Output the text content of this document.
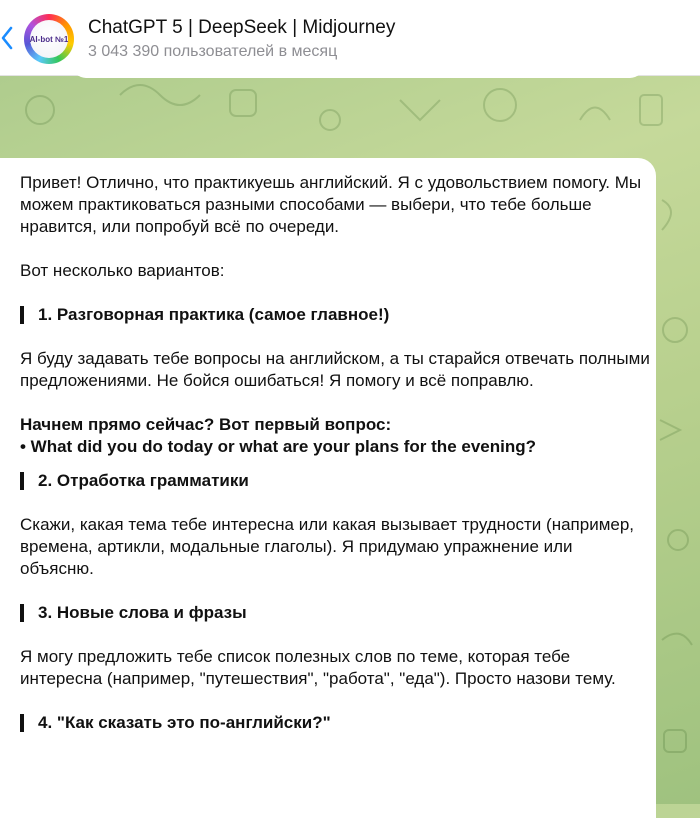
AI-bot №1
ChatGPT 5 | DeepSeek | Midjourney
3 043 390 пользователей в месяц

Привет! Отлично, что практикуешь английский. Я с удовольствием помогу. Мы можем практиковаться разными способами — выбери, что тебе больше нравится, или попробуй всё по очереди.

Вот несколько вариантов:

1. Разговорная практика (самое главное!)

Я буду задавать тебе вопросы на английском, а ты старайся отвечать полными предложениями. Не бойся ошибаться! Я помогу и всё поправлю.

Начнем прямо сейчас? Вот первый вопрос:

• What did you do today or what are your plans for the evening?

2. Отработка грамматики

Скажи, какая тема тебе интересна или какая вызывает трудности (например, времена, артикли, модальные глаголы). Я придумаю упражнение или объясню.

3. Новые слова и фразы

Я могу предложить тебе список полезных слов по теме, которая тебе интересна (например, "путешествия", "работа", "еда"). Просто назови тему.

4. "Как сказать это по-английски?"
